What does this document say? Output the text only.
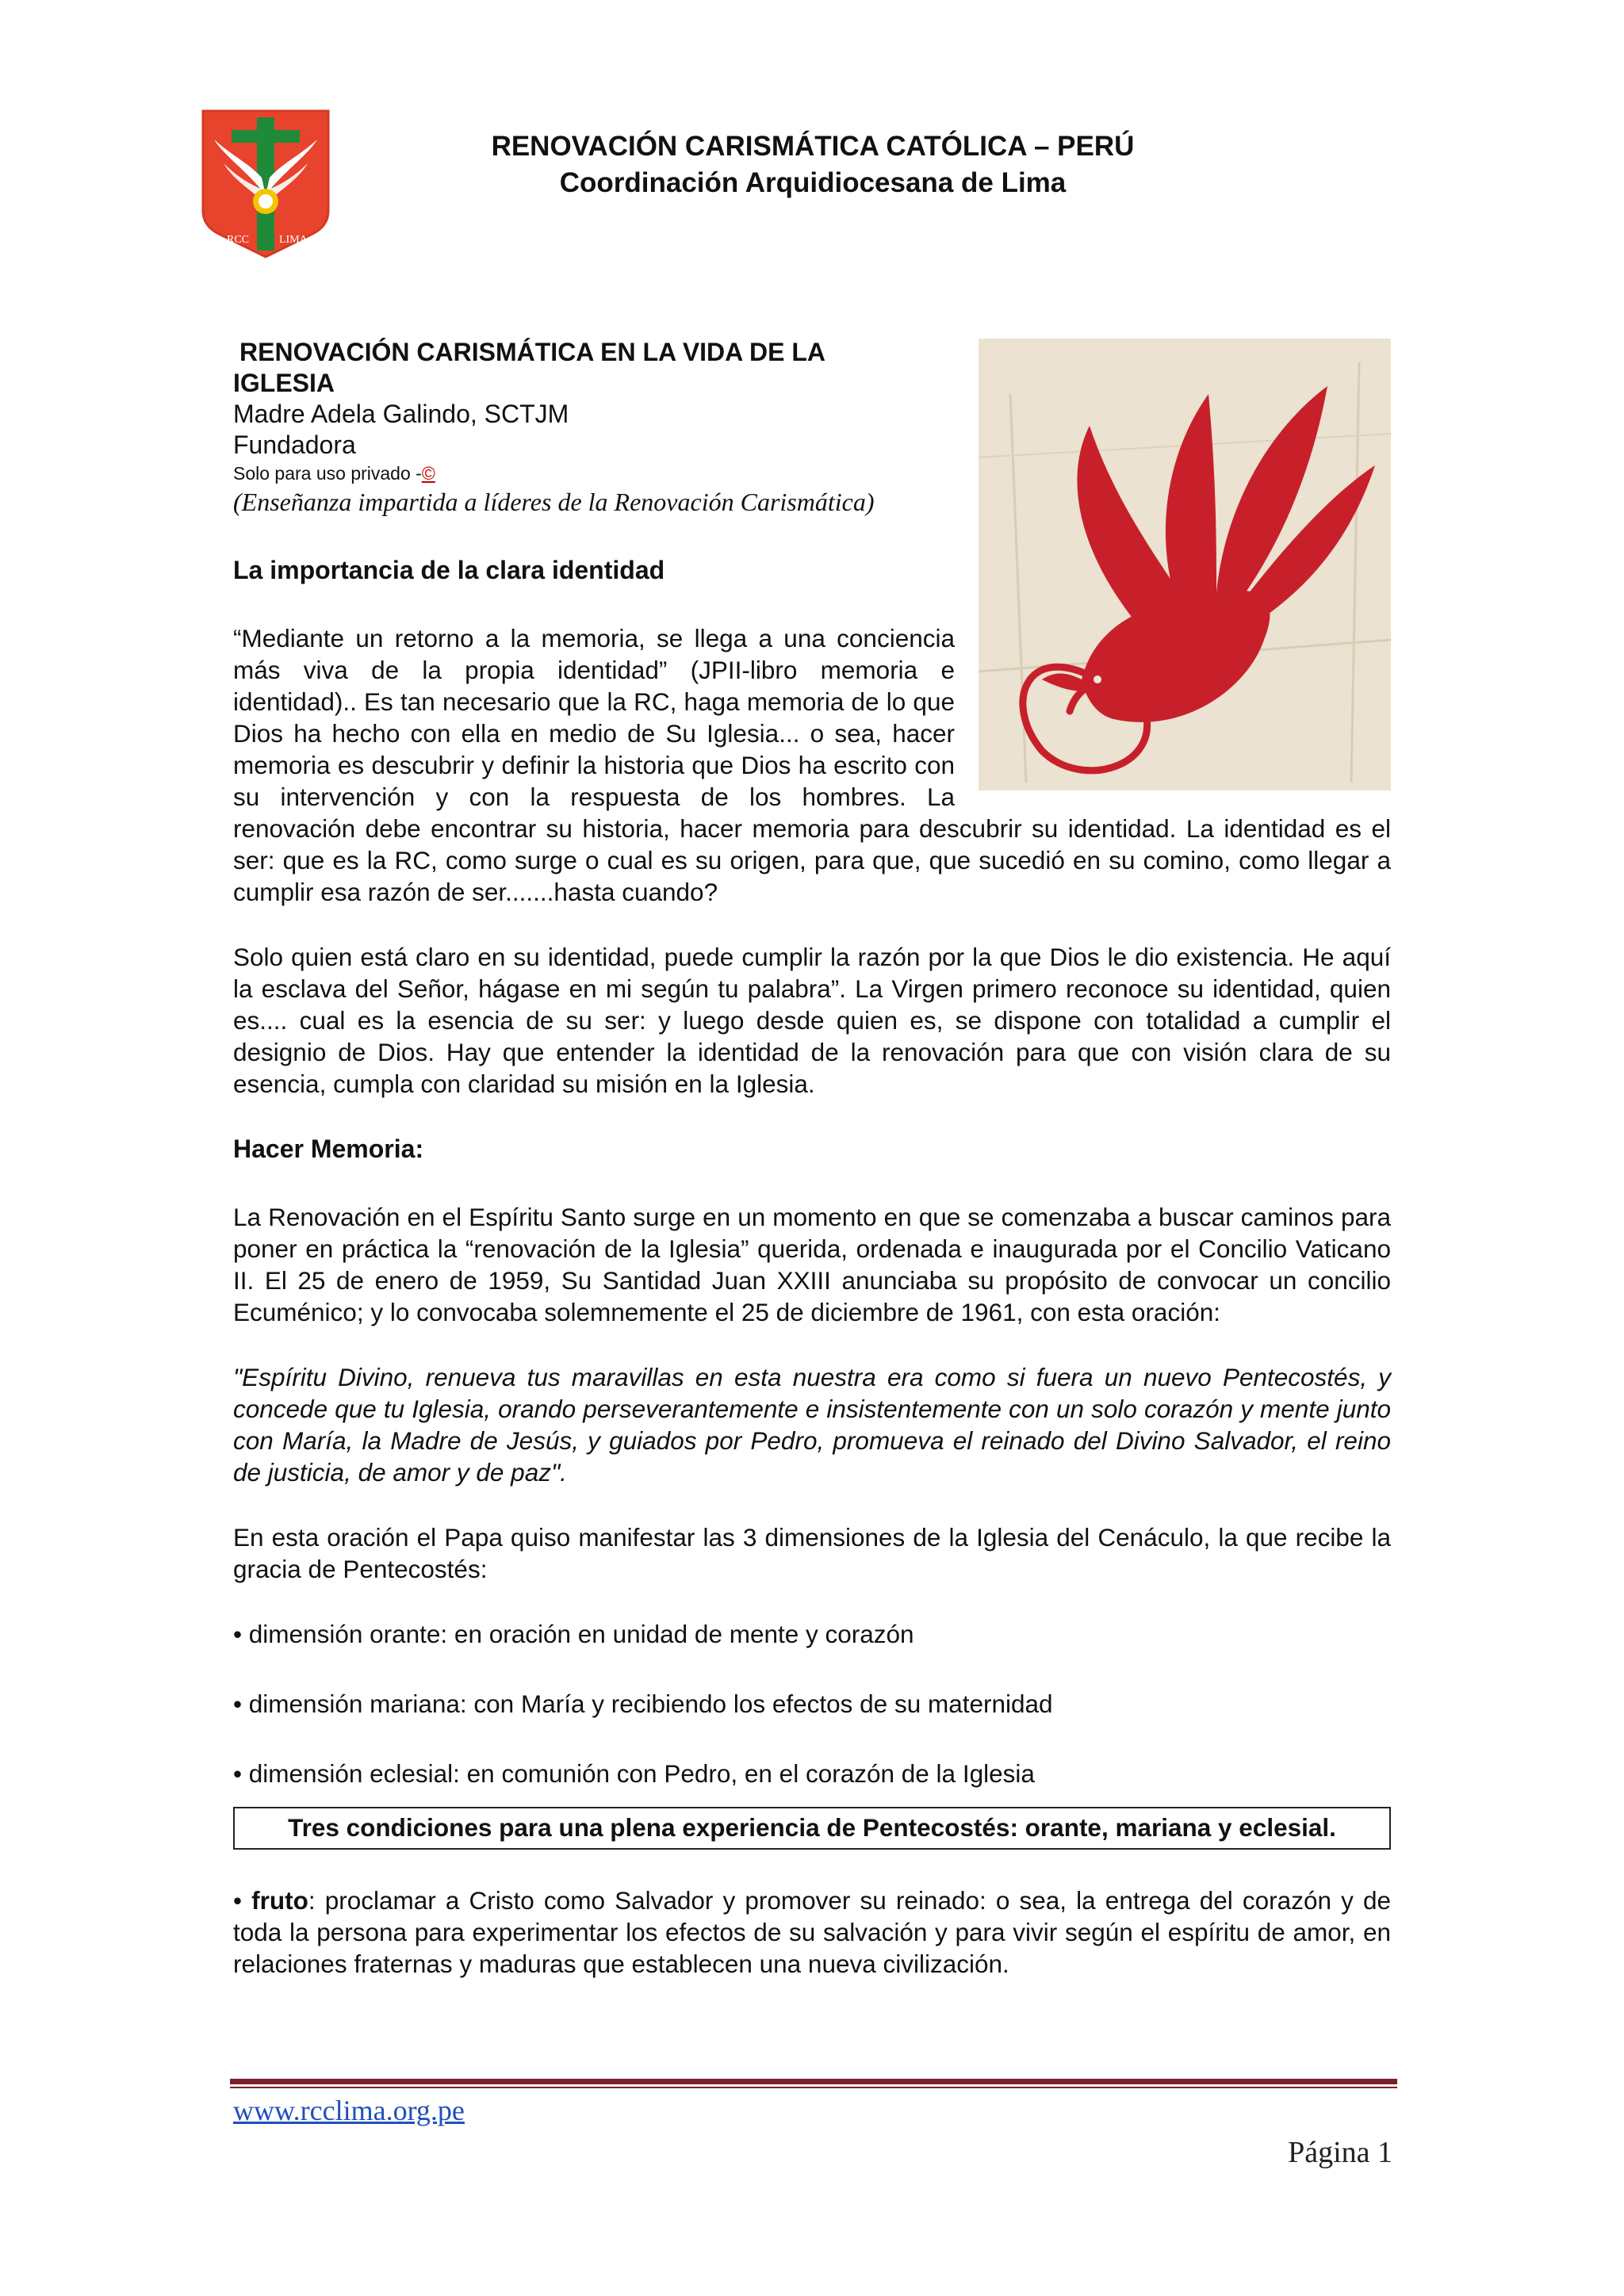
RCC	LIMA
RENOVACIÓN CARISMÁTICA CATÓLICA – PERÚ
Coordinación Arquidiocesana de Lima
RENOVACIÓN CARISMÁTICA EN LA VIDA DE LA
IGLESIA
Madre Adela Galindo, SCTJM
Fundadora
Solo para uso privado -©
(Enseñanza impartida a líderes de la Renovación Carismática)
La importancia de la clara identidad

“Mediante un retorno a la memoria, se llega a una conciencia más viva de la propia identidad” (JPII-libro memoria e identidad).. Es tan necesario que la RC, haga memoria de lo que Dios ha hecho con ella en medio de Su Iglesia... o sea, hacer memoria es descubrir y definir la historia que Dios ha escrito con su intervención y con la respuesta de los hombres. La renovación debe encontrar su historia, hacer memoria para descubrir su identidad. La identidad es el ser: que es la RC, como surge o cual es su origen, para que, que sucedió en su comino, como llegar a cumplir esa razón de ser.......hasta cuando?

Solo quien está claro en su identidad, puede cumplir la razón por la que Dios le dio existencia. He aquí la esclava del Señor, hágase en mi según tu palabra”. La Virgen primero reconoce su identidad, quien es.... cual es la esencia de su ser: y luego desde quien es, se dispone con totalidad a cumplir el designio de Dios. Hay que entender la identidad de la renovación para que con visión clara de su esencia, cumpla con claridad su misión en la Iglesia.

Hacer Memoria:

La Renovación en el Espíritu Santo surge en un momento en que se comenzaba a buscar caminos para poner en práctica la “renovación de la Iglesia” querida, ordenada e inaugurada por el Concilio Vaticano II. El 25 de enero de 1959, Su Santidad Juan XXIII anunciaba su propósito de convocar un concilio Ecuménico; y lo convocaba solemnemente el 25 de diciembre de 1961, con esta oración:

"Espíritu Divino, renueva tus maravillas en esta nuestra era como si fuera un nuevo Pentecostés, y concede que tu Iglesia, orando perseverantemente e insistentemente con un solo corazón y mente junto con María, la Madre de Jesús, y guiados por Pedro, promueva el reinado del Divino Salvador, el reino de justicia, de amor y de paz".

En esta oración el Papa quiso manifestar las 3 dimensiones de la Iglesia del Cenáculo, la que recibe la gracia de Pentecostés:

• dimensión orante: en oración en unidad de mente y corazón
• dimensión mariana: con María y recibiendo los efectos de su maternidad
• dimensión eclesial: en comunión con Pedro, en el corazón de la Iglesia
Tres condiciones para una plena experiencia de Pentecostés: orante, mariana y eclesial.

• fruto: proclamar a Cristo como Salvador y promover su reinado: o sea, la entrega del corazón y de toda la persona para experimentar los efectos de su salvación y para vivir según el espíritu de amor, en relaciones fraternas y maduras que establecen una nueva civilización.

www.rcclima.org.pe
Página 1
